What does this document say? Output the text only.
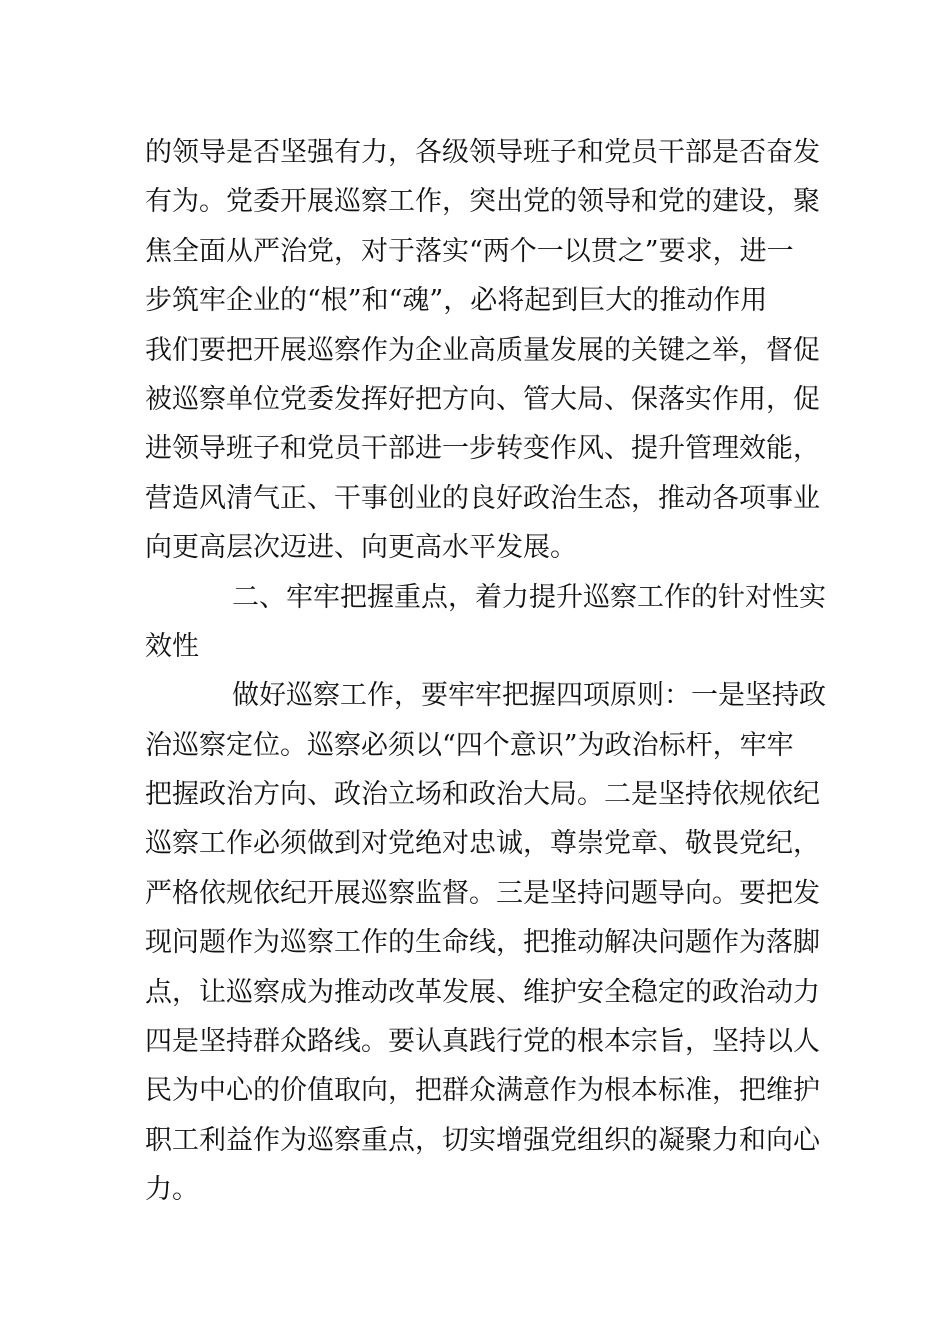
的领导是否坚强有力，各级领导班子和党员干部是否奋发
有为。党委开展巡察工作，突出党的领导和党的建设，聚
焦全面从严治党，对于落实“两个一以贯之”要求，进一
步筑牢企业的“根”和“魂”，必将起到巨大的推动作用
我们要把开展巡察作为企业高质量发展的关键之举，督促
被巡察单位党委发挥好把方向、管大局、保落实作用，促
进领导班子和党员干部进一步转变作风、提升管理效能，
营造风清气正、干事创业的良好政治生态，推动各项事业
向更高层次迈进、向更高水平发展。
二、牢牢把握重点，着力提升巡察工作的针对性实
效性
做好巡察工作，要牢牢把握四项原则：一是坚持政
治巡察定位。巡察必须以“四个意识”为政治标杆，牢牢
把握政治方向、政治立场和政治大局。二是坚持依规依纪
巡察工作必须做到对党绝对忠诚，尊崇党章、敬畏党纪，
严格依规依纪开展巡察监督。三是坚持问题导向。要把发
现问题作为巡察工作的生命线，把推动解决问题作为落脚
点，让巡察成为推动改革发展、维护安全稳定的政治动力
四是坚持群众路线。要认真践行党的根本宗旨，坚持以人
民为中心的价值取向，把群众满意作为根本标准，把维护
职工利益作为巡察重点，切实增强党组织的凝聚力和向心
力。
